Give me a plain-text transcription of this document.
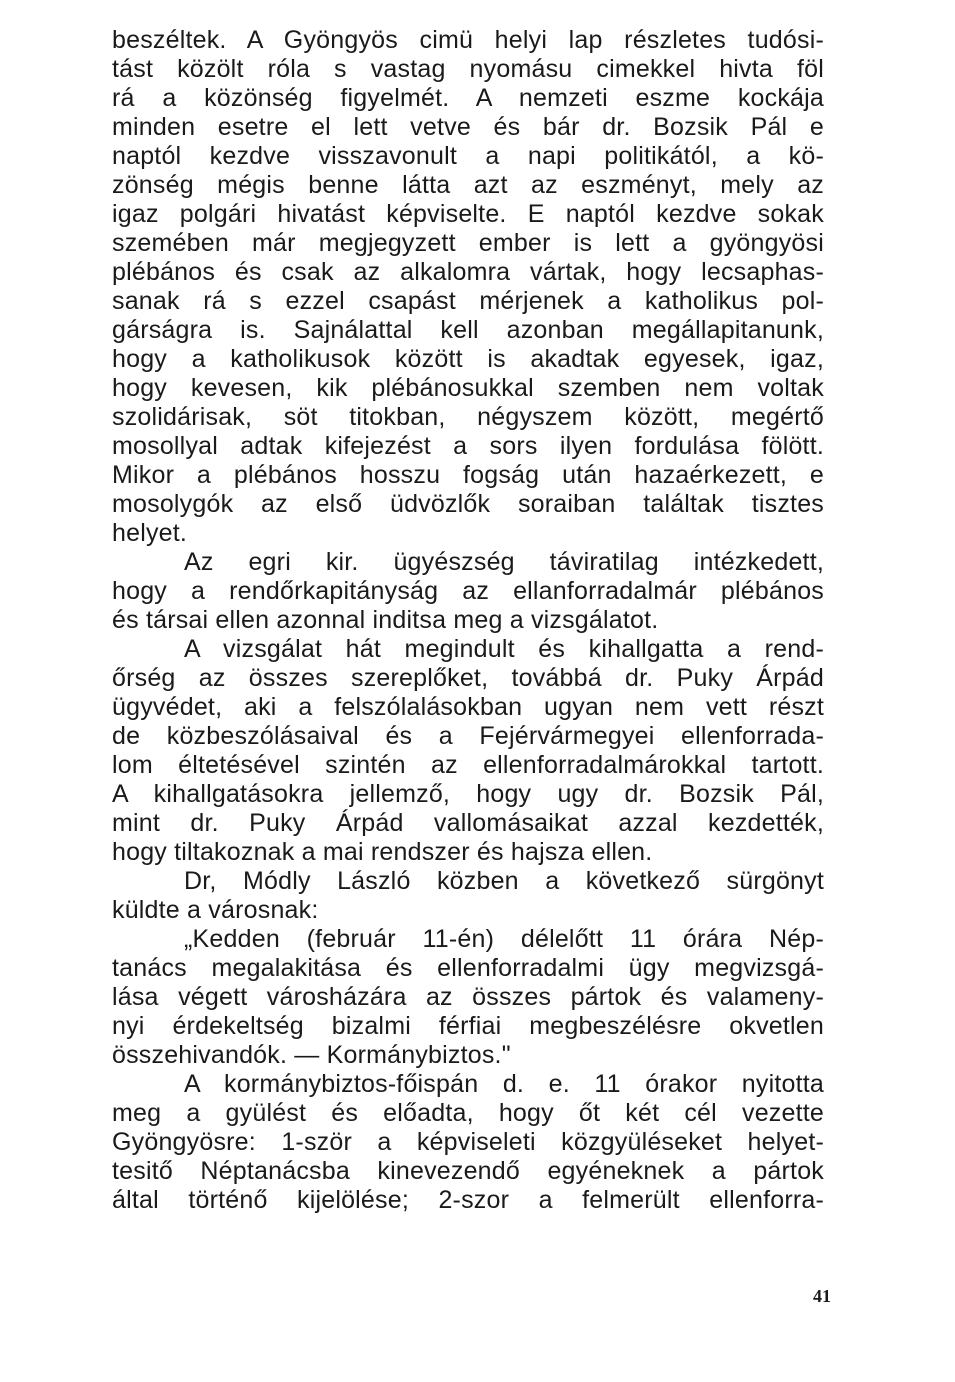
beszéltek. A Gyöngyös cimü helyi lap részletes tudósi-
tást közölt róla s vastag nyomásu cimekkel hivta föl
rá a közönség figyelmét. A nemzeti eszme kockája
minden esetre el lett vetve és bár dr. Bozsik Pál e
naptól kezdve visszavonult a napi politikától, a kö-
zönség mégis benne látta azt az eszményt, mely az
igaz polgári hivatást képviselte. E naptól kezdve sokak
szemében már megjegyzett ember is lett a gyöngyösi
plébános és csak az alkalomra vártak, hogy lecsaphas-
sanak rá s ezzel csapást mérjenek a katholikus pol-
gárságra is. Sajnálattal kell azonban megállapitanunk,
hogy a katholikusok között is akadtak egyesek, igaz,
hogy kevesen, kik plébánosukkal szemben nem voltak
szolidárisak, söt titokban, négyszem között, megértő
mosollyal adtak kifejezést a sors ilyen fordulása fölött.
Mikor a plébános hosszu fogság után hazaérkezett, e
mosolygók az első üdvözlők soraiban találtak tisztes
helyet.
Az egri kir. ügyészség táviratilag intézkedett,
hogy a rendőrkapitányság az ellanforradalmár plébános
és társai ellen azonnal inditsa meg a vizsgálatot.
A vizsgálat hát megindult és kihallgatta a rend-
őrség az összes szereplőket, továbbá dr. Puky Árpád
ügyvédet, aki a felszólalásokban ugyan nem vett részt
de közbeszólásaival és a Fejérvármegyei ellenforrada-
lom éltetésével szintén az ellenforradalmárokkal tartott.
A kihallgatásokra jellemző, hogy ugy dr. Bozsik Pál,
mint dr. Puky Árpád vallomásaikat azzal kezdették,
hogy tiltakoznak a mai rendszer és hajsza ellen.
Dr, Módly László közben a következő sürgönyt
küldte a városnak:
„Kedden (február 11-én) délelőtt 11 órára Nép-
tanács megalakitása és ellenforradalmi ügy megvizsgá-
lása végett városházára az összes pártok és valameny-
nyi érdekeltség bizalmi férfiai megbeszélésre okvetlen
összehivandók. — Kormánybiztos."
A kormánybiztos-főispán d. e. 11 órakor nyitotta
meg a gyülést és előadta, hogy őt két cél vezette
Gyöngyösre: 1-ször a képviseleti közgyüléseket helyet-
tesitő Néptanácsba kinevezendő egyéneknek a pártok
által történő kijelölése; 2-szor a felmerült ellenforra-
41
